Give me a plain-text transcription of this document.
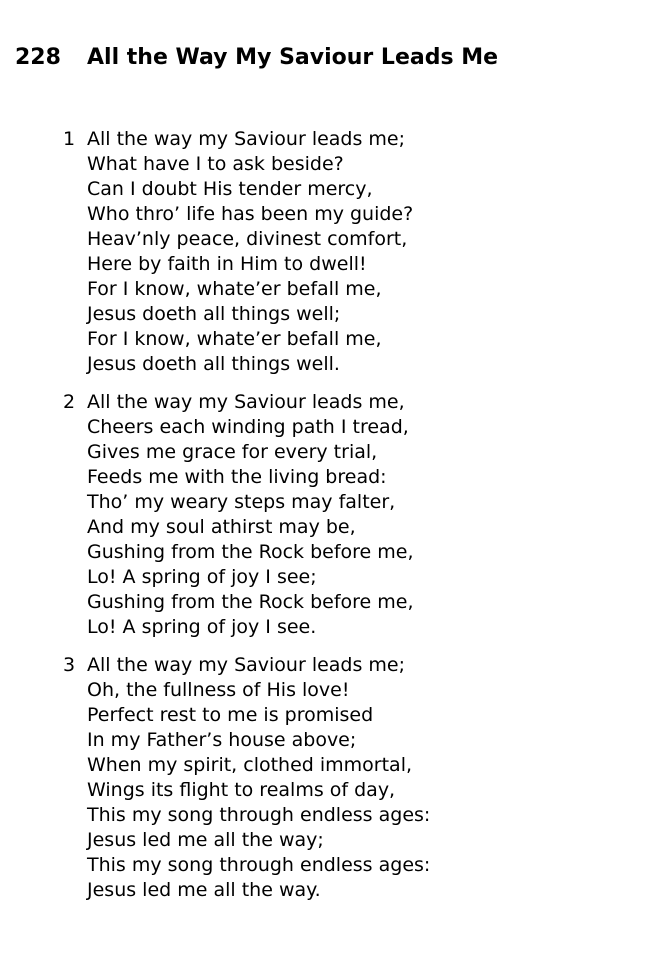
228 All the Way My Saviour Leads Me
1 All the way my Saviour leads me;
What have I to ask beside?
Can I doubt His tender mercy,
Who thro’ life has been my guide?
Heav’nly peace, divinest comfort,
Here by faith in Him to dwell!
For I know, whate’er befall me,
Jesus doeth all things well;
For I know, whate’er befall me,
Jesus doeth all things well.
2 All the way my Saviour leads me,
Cheers each winding path I tread,
Gives me grace for every trial,
Feeds me with the living bread:
Tho’ my weary steps may falter,
And my soul athirst may be,
Gushing from the Rock before me,
Lo! A spring of joy I see;
Gushing from the Rock before me,
Lo! A spring of joy I see.
3 All the way my Saviour leads me;
Oh, the fullness of His love!
Perfect rest to me is promised
In my Father’s house above;
When my spirit, clothed immortal,
Wings its flight to realms of day,
This my song through endless ages:
Jesus led me all the way;
This my song through endless ages:
Jesus led me all the way.
